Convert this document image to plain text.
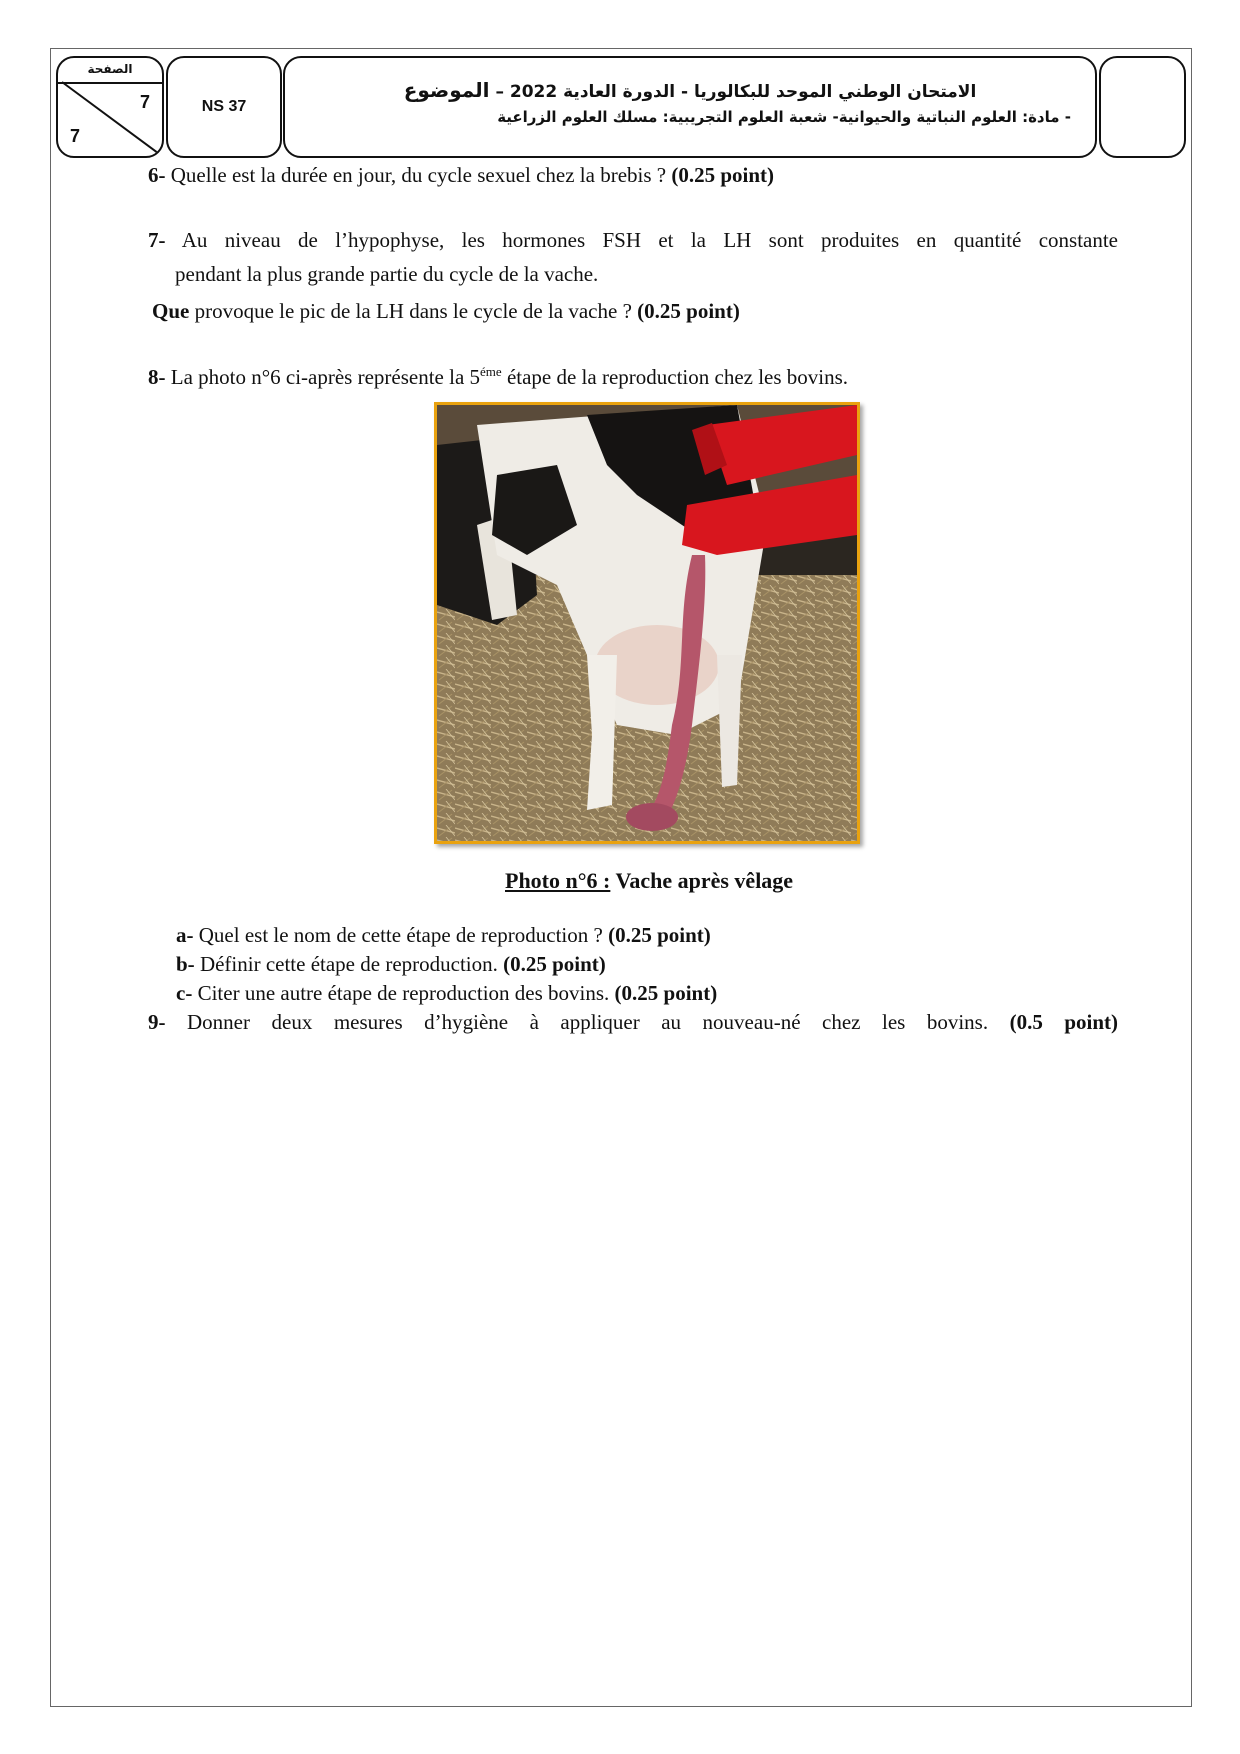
الصفحة
7
7
NS 37
الامتحان الوطني الموحد للبكالوريا - الدورة العادية 2022 – الموضوع
- مادة: العلوم النباتية والحيوانية- شعبة العلوم التجريبية: مسلك العلوم الزراعية
6- Quelle est la durée en jour, du cycle sexuel chez la brebis ? (0.25 point)
7- Au niveau de l’hypophyse, les hormones FSH et la LH sont produites en quantité constante
pendant la plus grande partie du cycle de la vache.
Que provoque le pic de la LH dans le cycle de la vache ? (0.25 point)
8- La photo n°6 ci-après représente la $5^{éme}$ étape de la reproduction chez les bovins.
Photo n°6 : Vache après vêlage
a- Quel est le nom de cette étape de reproduction ? (0.25 point)
b- Définir cette étape de reproduction. (0.25 point)
c- Citer une autre étape de reproduction des bovins. (0.25 point)
9- Donner deux mesures d’hygiène à appliquer au nouveau-né chez les bovins. (0.5 point)
